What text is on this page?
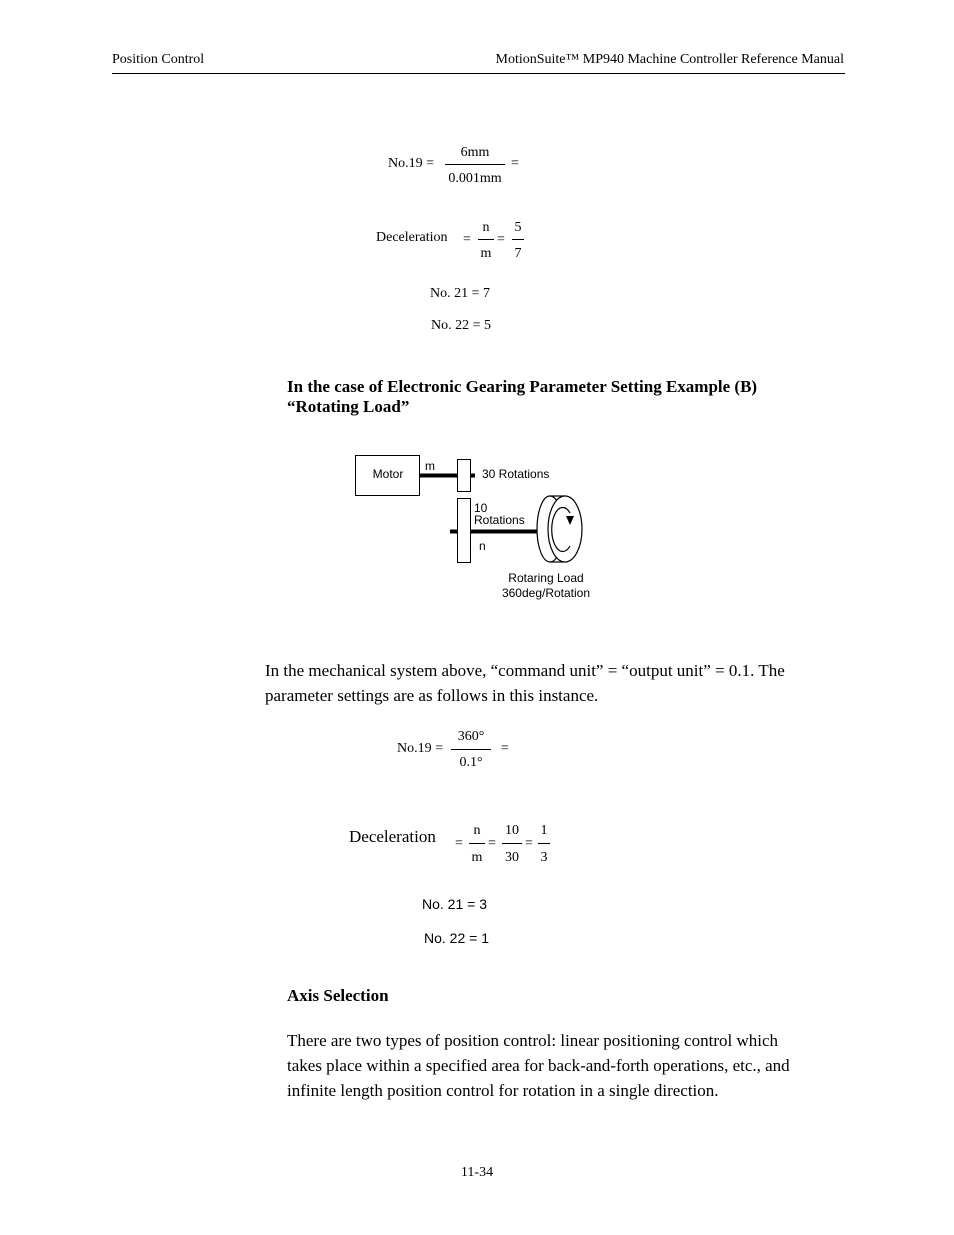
Position Control	MotionSuite™ MP940 Machine Controller Reference Manual
No.19 =
6mm
0.001mm
=
Deceleration =
n
m
=
5
7
No. 21 = 7
No. 22 = 5
In the case of Electronic Gearing Parameter Setting Example (B)
“Rotating Load”
Motor
m
30 Rotations
10
Rotations
n
Rotaring Load
360deg/Rotation
In the mechanical system above, “command unit” = “output unit” = 0.1. The
parameter settings are as follows in this instance.
No.19 =
360°
0.1°
=
Deceleration =
n
m
=
10
30
=
1
3
No. 21 = 3
No. 22 = 1
Axis Selection
There are two types of position control: linear positioning control which
takes place within a specified area for back-and-forth operations, etc., and
infinite length position control for rotation in a single direction.
11-34
